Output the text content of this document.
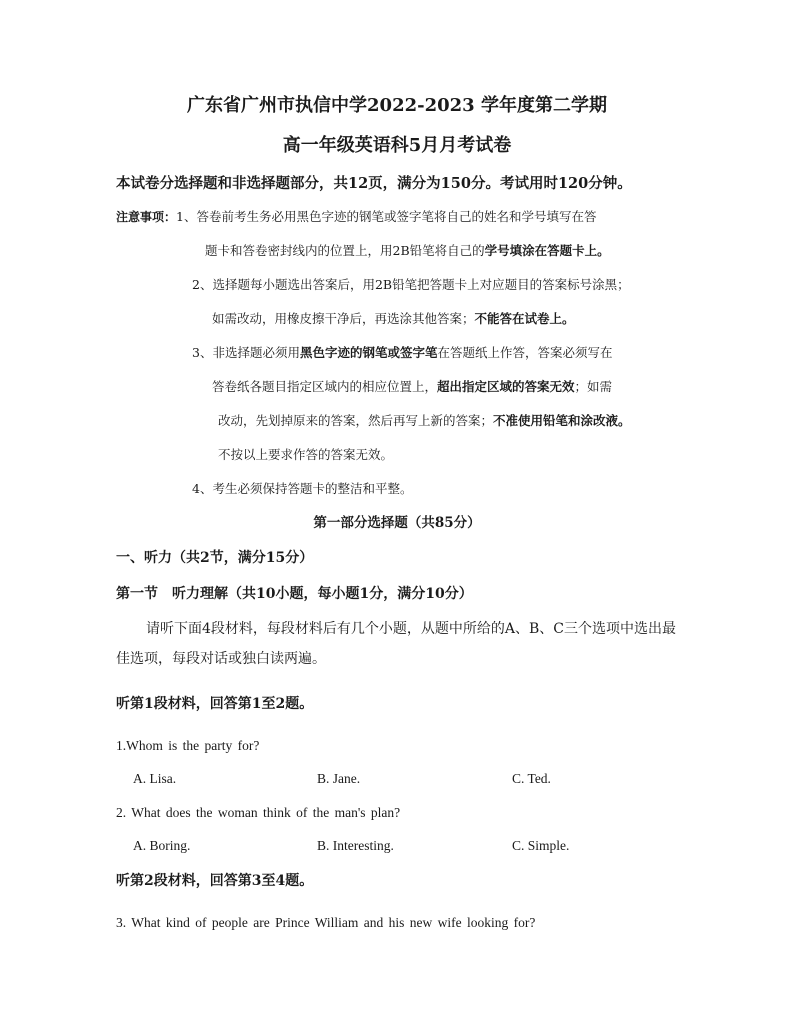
广东省广州市执信中学2022-2023 学年度第二学期
高一年级英语科5月月考试卷
本试卷分选择题和非选择题部分，共12页，满分为150分。考试用时120分钟。
注意事项：1、答卷前考生务必用黑色字迹的钢笔或签字笔将自己的姓名和学号填写在答
题卡和答卷密封线内的位置上，用2B铅笔将自己的学号填涂在答题卡上。
2、选择题每小题选出答案后，用2B铅笔把答题卡上对应题目的答案标号涂黑；
如需改动，用橡皮擦干净后，再选涂其他答案；不能答在试卷上。
3、非选择题必须用黑色字迹的钢笔或签字笔在答题纸上作答，答案必须写在
答卷纸各题目指定区域内的相应位置上，超出指定区域的答案无效；如需
改动，先划掉原来的答案，然后再写上新的答案；不准使用铅笔和涂改液。
不按以上要求作答的答案无效。
4、考生必须保持答题卡的整洁和平整。
第一部分选择题（共85分）
一、听力（共2节，满分15分）
第一节　听力理解（共10小题，每小题1分，满分10分）
请听下面4段材料，每段材料后有几个小题，从题中所给的A、B、C三个选项中选出最佳选项，每段对话或独白读两遍。
听第1段材料，回答第1至2题。
1.Whom is the party for?
A. Lisa.	B. Jane.	C. Ted.
2. What does the woman think of the man's plan?
A. Boring.	B. Interesting.	C. Simple.
听第2段材料，回答第3至4题。
3. What kind of people are Prince William and his new wife looking for?
